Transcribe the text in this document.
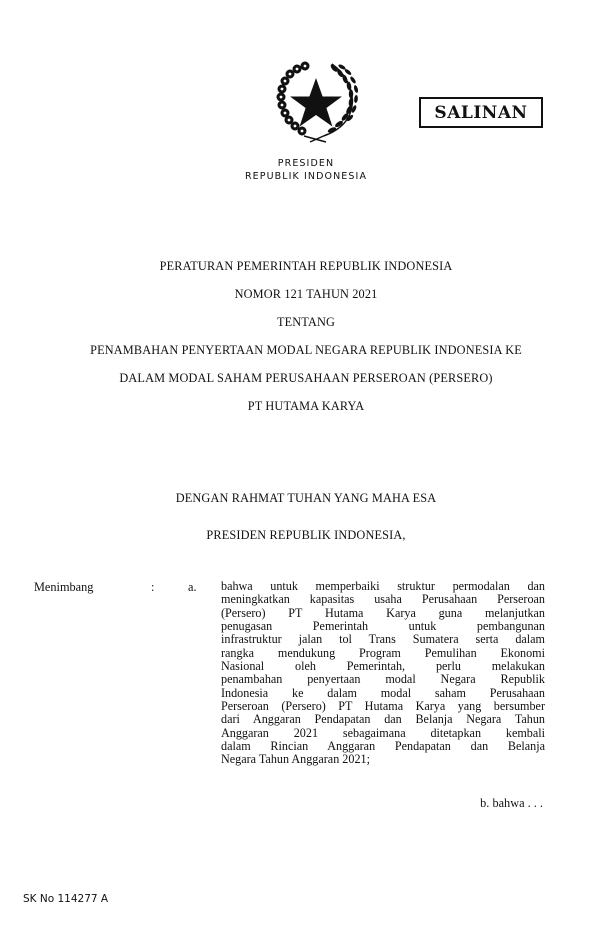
SALINAN
PRESIDEN
REPUBLIK INDONESIA
PERATURAN PEMERINTAH REPUBLIK INDONESIA
NOMOR 121 TAHUN 2021
TENTANG
PENAMBAHAN PENYERTAAN MODAL NEGARA REPUBLIK INDONESIA KE
DALAM MODAL SAHAM PERUSAHAAN PERSEROAN (PERSERO)
PT HUTAMA KARYA
DENGAN RAHMAT TUHAN YANG MAHA ESA
PRESIDEN REPUBLIK INDONESIA,
Menimbang	:	a. bahwa untuk memperbaiki struktur permodalan dan
meningkatkan kapasitas usaha Perusahaan Perseroan
(Persero) PT Hutama Karya guna melanjutkan
penugasan Pemerintah untuk pembangunan
infrastruktur jalan tol Trans Sumatera serta dalam
rangka mendukung Program Pemulihan Ekonomi
Nasional oleh Pemerintah, perlu melakukan
penambahan penyertaan modal Negara Republik
Indonesia ke dalam modal saham Perusahaan
Perseroan (Persero) PT Hutama Karya yang bersumber
dari Anggaran Pendapatan dan Belanja Negara Tahun
Anggaran 2021 sebagaimana ditetapkan kembali
dalam Rincian Anggaran Pendapatan dan Belanja
Negara Tahun Anggaran 2021;
b. bahwa . . .
SK No 114277 A
